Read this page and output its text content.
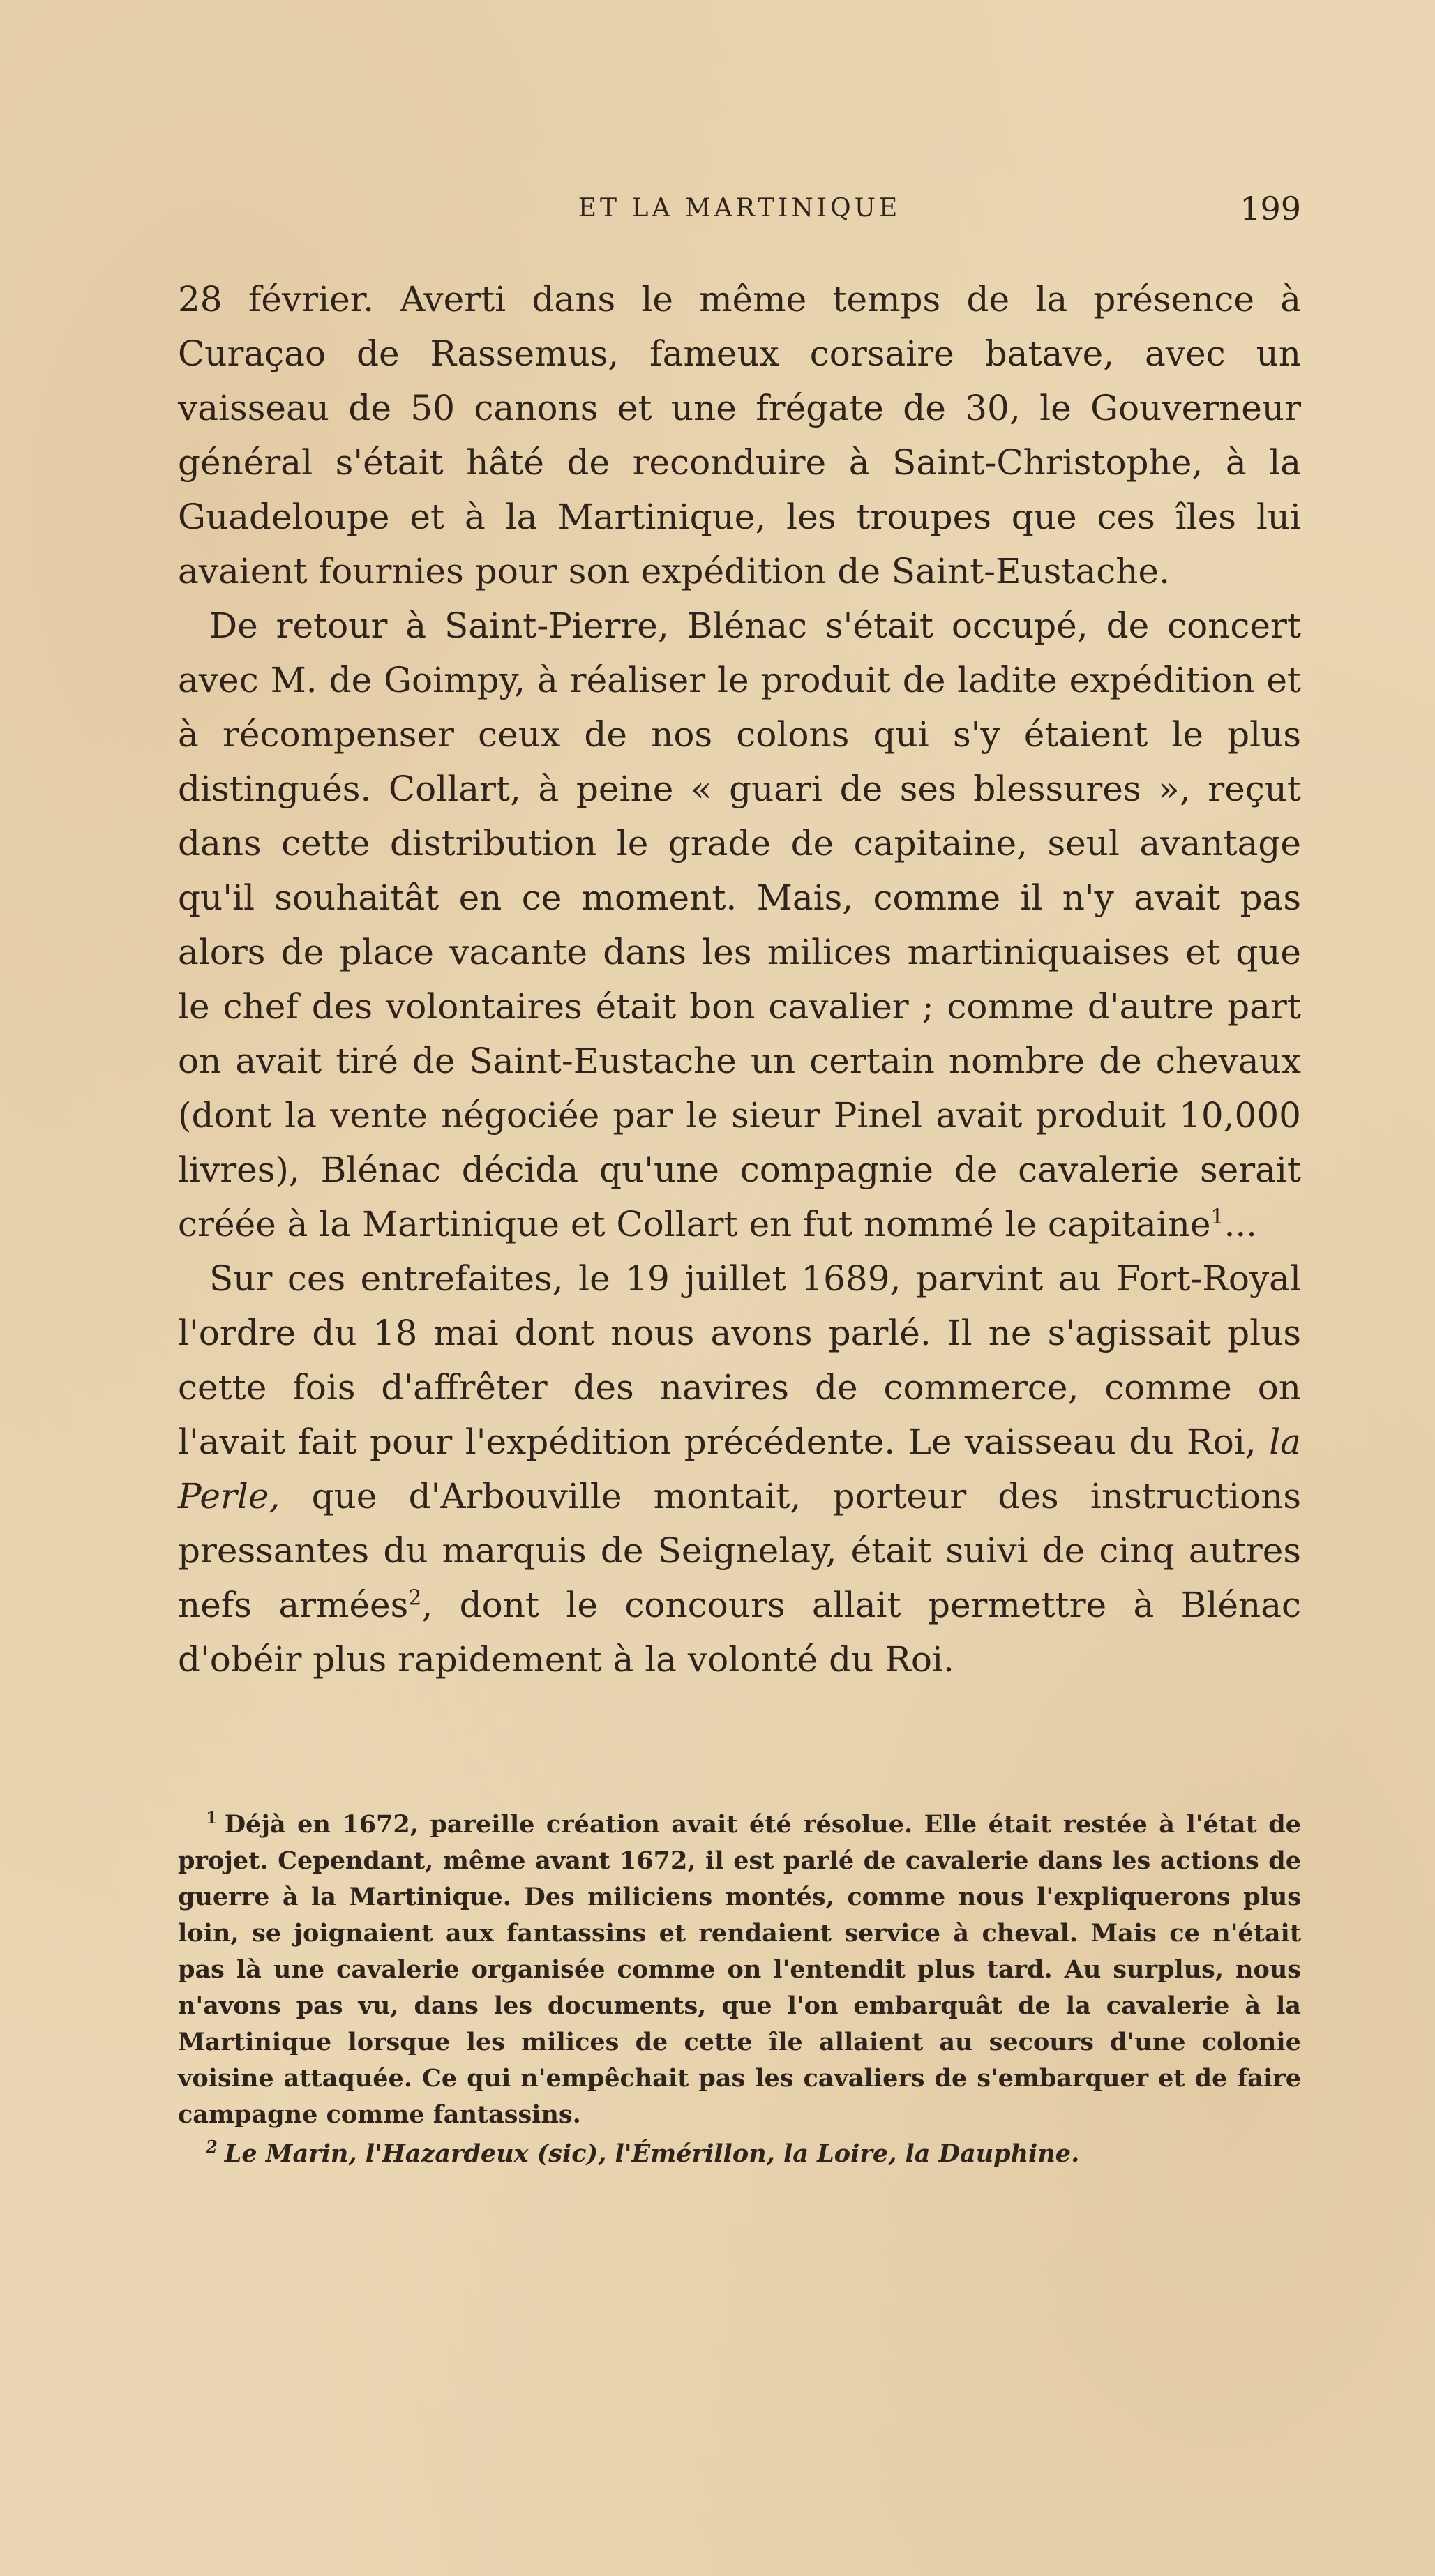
ET LA MARTINIQUE	199

28 février. Averti dans le même temps de la présence à Curaçao de Rassemus, fameux corsaire batave, avec un vaisseau de 50 canons et une frégate de 30, le Gouverneur général s'était hâté de reconduire à Saint-Christophe, à la Guadeloupe et à la Martinique, les troupes que ces îles lui avaient fournies pour son expédition de Saint-Eustache.

De retour à Saint-Pierre, Blénac s'était occupé, de concert avec M. de Goimpy, à réaliser le produit de ladite expédition et à récompenser ceux de nos colons qui s'y étaient le plus distingués. Collart, à peine « guari de ses blessures », reçut dans cette distribution le grade de capitaine, seul avantage qu'il souhaitât en ce moment. Mais, comme il n'y avait pas alors de place vacante dans les milices martiniquaises et que le chef des volontaires était bon cavalier ; comme d'autre part on avait tiré de Saint-Eustache un certain nombre de chevaux (dont la vente négociée par le sieur Pinel avait produit 10,000 livres), Blénac décida qu'une compagnie de cavalerie serait créée à la Martinique et Collart en fut nommé le capitaine$^1$...

Sur ces entrefaites, le 19 juillet 1689, parvint au Fort-Royal l'ordre du 18 mai dont nous avons parlé. Il ne s'agissait plus cette fois d'affrêter des navires de commerce, comme on l'avait fait pour l'expédition précédente. Le vaisseau du Roi, la Perle, que d'Arbouville montait, porteur des instructions pressantes du marquis de Seignelay, était suivi de cinq autres nefs armées$^2$, dont le concours allait permettre à Blénac d'obéir plus rapidement à la volonté du Roi.

$^1$ Déjà en 1672, pareille création avait été résolue. Elle était restée à l'état de projet. Cependant, même avant 1672, il est parlé de cavalerie dans les actions de guerre à la Martinique. Des miliciens montés, comme nous l'expliquerons plus loin, se joignaient aux fantassins et rendaient service à cheval. Mais ce n'était pas là une cavalerie organisée comme on l'entendit plus tard. Au surplus, nous n'avons pas vu, dans les documents, que l'on embarquât de la cavalerie à la Martinique lorsque les milices de cette île allaient au secours d'une colonie voisine attaquée. Ce qui n'empêchait pas les cavaliers de s'embarquer et de faire campagne comme fantassins.

$^2$ Le Marin, l'Hazardeux (sic), l'Émérillon, la Loire, la Dauphine.
